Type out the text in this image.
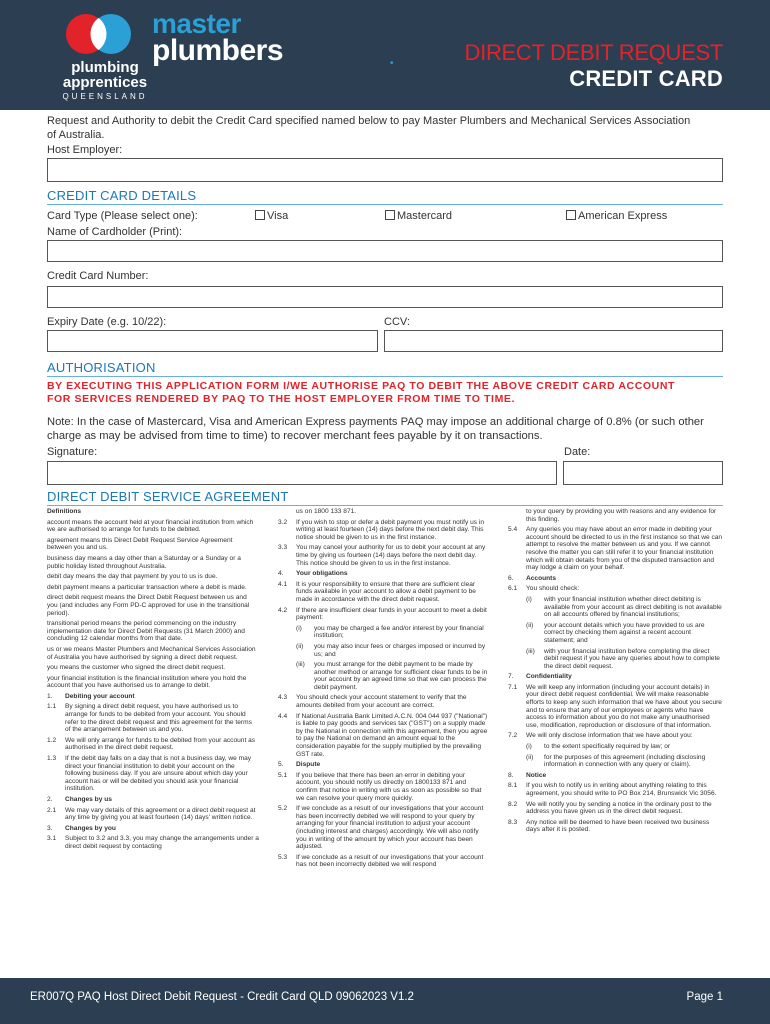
plumbing
apprentices
QUEENSLAND
master
plumbers	•	DIRECT DEBIT REQUEST
CREDIT CARD
Request and Authority to debit the Credit Card specified named below to pay Master Plumbers and Mechanical Services Association of Australia.
Host Employer:
CREDIT CARD DETAILS
Card Type (Please select one):	Visa	Mastercard	American Express
Name of Cardholder (Print):
Credit Card Number:
Expiry Date (e.g. 10/22):	CCV:
AUTHORISATION
BY EXECUTING THIS APPLICATION FORM I/WE AUTHORISE PAQ TO DEBIT THE ABOVE CREDIT CARD ACCOUNT
FOR SERVICES RENDERED BY PAQ TO THE HOST EMPLOYER FROM TIME TO TIME.
Note: In the case of Mastercard, Visa and American Express payments PAQ may impose an additional charge of 0.8% (or such other charge as may be advised from time to time) to recover merchant fees payable by it on transactions.
Signature:	Date:
DIRECT DEBIT SERVICE AGREEMENT

Definitions

account means the account held at your financial institution from which we are authorised to arrange for funds to be debited.

agreement means this Direct Debit Request Service Agreement between you and us.

business day means a day other than a Saturday or a Sunday or a public holiday listed throughout Australia.

debit day means the day that payment by you to us is due.

debit payment means a particular transaction where a debit is made.

direct debit request means the Direct Debit Request between us and you (and includes any Form PD-C approved for use in the transitional period).

transitional period means the period commencing on the industry implementation date for Direct Debit Requests (31 March 2000) and concluding 12 calendar months from that date.

us or we means Master Plumbers and Mechanical Services Association of Australia you have authorised by signing a direct debit request.

you means the customer who signed the direct debit request.

your financial institution is the financial institution where you hold the account that you have authorised us to arrange to debit.

1.	Debiting your account
1.1	By signing a direct debit request, you have authorised us to arrange for funds to be debited from your account. You should refer to the direct debit request and this agreement for the terms of the arrangement between us and you.
1.2	We will only arrange for funds to be debited from your account as authorised in the direct debit request.
1.3	If the debit day falls on a day that is not a business day, we may direct your financial institution to debit your account on the following business day. If you are unsure about which day your account has or will be debited you should ask your financial institution.
2.	Changes by us
2.1	We may vary details of this agreement or a direct debit request at any time by giving you at least fourteen (14) days' written notice.
3.	Changes by you
3.1	Subject to 3.2 and 3.3, you may change the arrangements under a direct debit request by contacting
us on 1800 133 871.
3.2	If you wish to stop or defer a debit payment you must notify us in writing at least fourteen (14) days before the next debit day. This notice should be given to us in the first instance.
3.3	You may cancel your authority for us to debit your account at any time by giving us fourteen (14) days before the next debit day. This notice should be given to us in the first instance.
4.	Your obligations
4.1	It is your responsibility to ensure that there are sufficient clear funds available in your account to allow a debit payment to be made in accordance with the direct debit request.
4.2	If there are insufficient clear funds in your account to meet a debit payment:
(i)	you may be charged a fee and/or interest by your financial institution;
(ii)	you may also incur fees or charges imposed or incurred by us; and
(iii)	you must arrange for the debit payment to be made by another method or arrange for sufficient clear funds to be in your account by an agreed time so that we can process the debit payment.
4.3	You should check your account statement to verify that the amounts debited from your account are correct.
4.4	If National Australia Bank Limited A.C.N. 004 044 937 ("National") is liable to pay goods and services tax ("GST") on a supply made by the National in connection with this agreement, then you agree to pay the National on demand an amount equal to the consideration payable for the supply multiplied by the prevailing GST rate.
5.	Dispute
5.1	If you believe that there has been an error in debiting your account, you should notify us directly on 1800133 871 and confirm that notice in writing with us as soon as possible so that we can resolve your query more quickly.
5.2	If we conclude as a result of our investigations that your account has been incorrectly debited we will respond to your query by arranging for your financial institution to adjust your account (including interest and charges) accordingly. We will also notify you in writing of the amount by which your account has been adjusted.
5.3	If we conclude as a result of our investigations that your account has not been incorrectly debited we will respond
to your query by providing you with reasons and any evidence for this finding.
5.4	Any queries you may have about an error made in debiting your account should be directed to us in the first instance so that we can attempt to resolve the matter between us and you. If we cannot resolve the matter you can still refer it to your financial institution which will obtain details from you of the disputed transaction and may lodge a claim on your behalf.
6.	Accounts
6.1	You should check:
(i)	with your financial institution whether direct debiting is available from your account as direct debiting is not available on all accounts offered by financial institutions;
(ii)	your account details which you have provided to us are correct by checking them against a recent account statement; and
(iii)	with your financial institution before completing the direct debit request if you have any queries about how to complete the direct debit request.
7.	Confidentiality
7.1	We will keep any information (including your account details) in your direct debit request confidential. We will make reasonable efforts to keep any such information that we have about you secure and to ensure that any of our employees or agents who have access to information about you do not make any unauthorised use, modification, reproduction or disclosure of that information.
7.2	We will only disclose information that we have about you:
(i)	to the extent specifically required by law; or
(ii)	for the purposes of this agreement (including disclosing information in connection with any query or claim).
8.	Notice
8.1	If you wish to notify us in writing about anything relating to this agreement, you should write to PO Box 214, Brunswick Vic 3056.
8.2	We will notify you by sending a notice in the ordinary post to the address you have given us in the direct debit request.
8.3	Any notice will be deemed to have been received two business days after it is posted.
ER007Q PAQ Host Direct Debit Request - Credit Card QLD 09062023 V1.2	Page 1
